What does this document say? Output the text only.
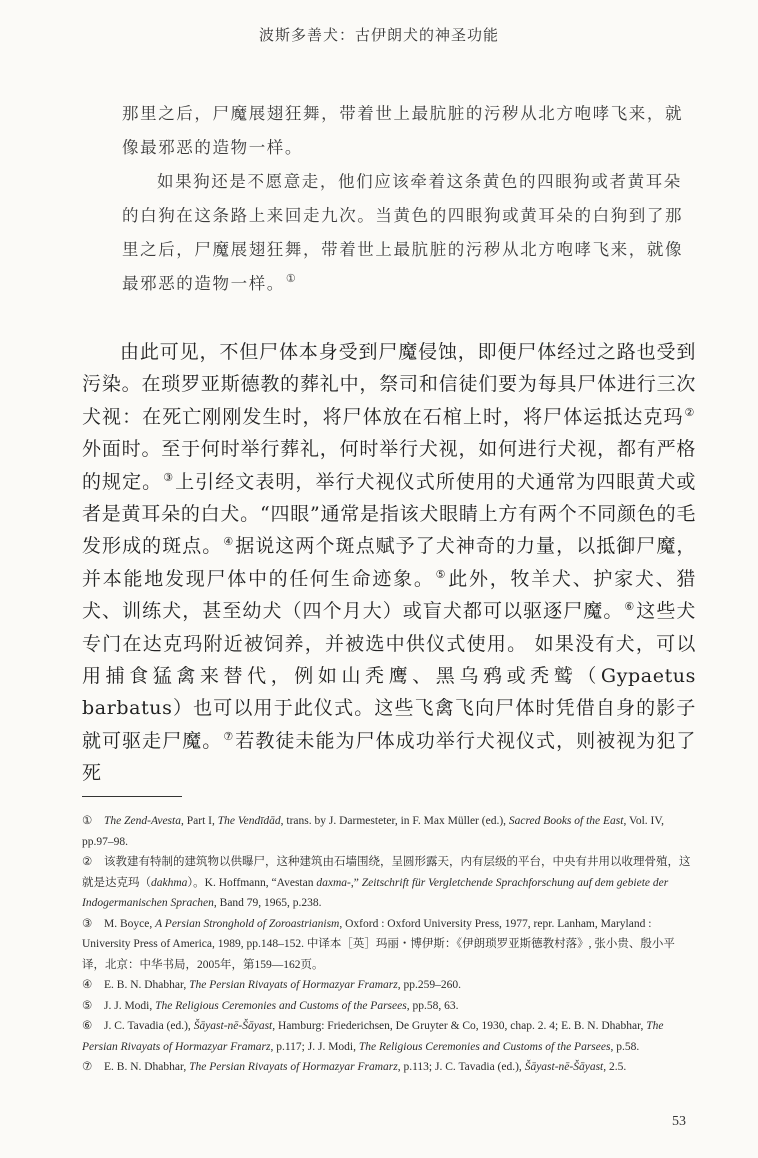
波斯多善犬：古伊朗犬的神圣功能

那里之后，尸魔展翅狂舞，带着世上最肮脏的污秽从北方咆哮飞来，就像最邪恶的造物一样。

如果狗还是不愿意走，他们应该牵着这条黄色的四眼狗或者黄耳朵的白狗在这条路上来回走九次。当黄色的四眼狗或黄耳朵的白狗到了那里之后，尸魔展翅狂舞，带着世上最肮脏的污秽从北方咆哮飞来，就像最邪恶的造物一样。①

由此可见，不但尸体本身受到尸魔侵蚀，即便尸体经过之路也受到污染。在琐罗亚斯德教的葬礼中，祭司和信徒们要为每具尸体进行三次犬视：在死亡刚刚发生时，将尸体放在石棺上时，将尸体运抵达克玛②外面时。至于何时举行葬礼，何时举行犬视，如何进行犬视，都有严格的规定。③上引经文表明，举行犬视仪式所使用的犬通常为四眼黄犬或者是黄耳朵的白犬。“四眼”通常是指该犬眼睛上方有两个不同颜色的毛发形成的斑点。④据说这两个斑点赋予了犬神奇的力量，以抵御尸魔，并本能地发现尸体中的任何生命迹象。⑤此外，牧羊犬、护家犬、猎犬、训练犬，甚至幼犬（四个月大）或盲犬都可以驱逐尸魔。⑥这些犬专门在达克玛附近被饲养，并被选中供仪式使用。 如果没有犬，可以用捕食猛禽来替代，例如山秃鹰、黑乌鸦或秃鹫（Gypaetus barbatus）也可以用于此仪式。这些飞禽飞向尸体时凭借自身的影子就可驱走尸魔。⑦若教徒未能为尸体成功举行犬视仪式，则被视为犯了死

① The Zend-Avesta, Part I, The Vendīdād, trans. by J. Darmesteter, in F. Max Müller (ed.), Sacred Books of the East, Vol. IV, pp.97–98.

② 该教建有特制的建筑物以供曝尸，这种建筑由石墙围绕，呈圆形露天，内有层级的平台，中央有井用以收理骨殖，这就是达克玛（dakhma）。K. Hoffmann, “Avestan daxma-,” Zeitschrift für Vergletchende Sprachforschung auf dem gebiete der Indogermanischen Sprachen, Band 79, 1965, p.238.

③ M. Boyce, A Persian Stronghold of Zoroastrianism, Oxford : Oxford University Press, 1977, repr. Lanham, Maryland : University Press of America, 1989, pp.148–152. 中译本［英］玛丽・博伊斯：《伊朗琐罗亚斯德教村落》, 张小贵、殷小平译，北京：中华书局，2005年，第159—162页。

④ E. B. N. Dhabhar, The Persian Rivayats of Hormazyar Framarz, pp.259–260.

⑤ J. J. Modi, The Religious Ceremonies and Customs of the Parsees, pp.58, 63.

⑥ J. C. Tavadia (ed.), Šāyast-nē-Šāyast, Hamburg: Friederichsen, De Gruyter & Co, 1930, chap. 2. 4; E. B. N. Dhabhar, The Persian Rivayats of Hormazyar Framarz, p.117; J. J. Modi, The Religious Ceremonies and Customs of the Parsees, p.58.

⑦ E. B. N. Dhabhar, The Persian Rivayats of Hormazyar Framarz, p.113; J. C. Tavadia (ed.), Šāyast-nē-Šāyast, 2.5.

53
